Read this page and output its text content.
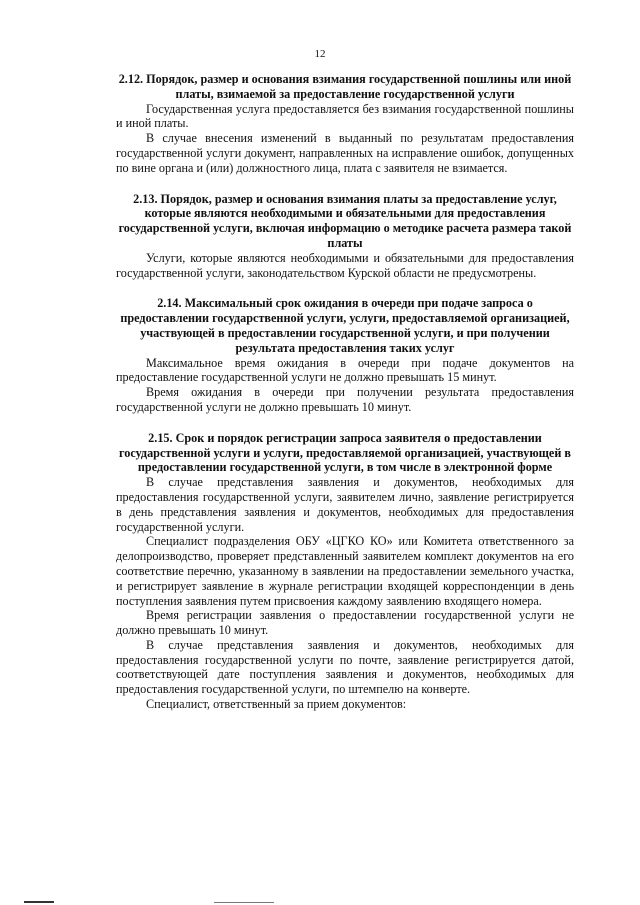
12

2.12. Порядок, размер и основания взимания государственной пошлины или иной платы, взимаемой за предоставление государственной услуги

Государственная услуга предоставляется без взимания государственной пошлины и иной платы.

В случае внесения изменений в выданный по результатам предоставления государственной услуги документ, направленных на исправление ошибок, допущенных по вине органа и (или) должностного лица, плата с заявителя не взимается.

2.13. Порядок, размер и основания взимания платы за предоставление услуг, которые являются необходимыми и обязательными для предоставления государственной услуги, включая информацию о методике расчета размера такой платы

Услуги, которые являются необходимыми и обязательными для предоставления государственной услуги, законодательством Курской области не предусмотрены.

2.14. Максимальный срок ожидания в очереди при подаче запроса о предоставлении государственной услуги, услуги, предоставляемой организацией, участвующей в предоставлении государственной услуги, и при получении результата предоставления таких услуг

Максимальное время ожидания в очереди при подаче документов на предоставление государственной услуги не должно превышать 15 минут.

Время ожидания в очереди при получении результата предоставления государственной услуги не должно превышать 10 минут.

2.15. Срок и порядок регистрации запроса заявителя о предоставлении государственной услуги и услуги, предоставляемой организацией, участвующей в предоставлении государственной услуги, в том числе в электронной форме

В случае представления заявления и документов, необходимых для предоставления государственной услуги, заявителем лично, заявление регистрируется в день представления заявления и документов, необходимых для предоставления государственной услуги.

Специалист подразделения ОБУ «ЦГКО КО» или Комитета ответственного за делопроизводство, проверяет представленный заявителем комплект документов на его соответствие перечню, указанному в заявлении на предоставлении земельного участка, и регистрирует заявление в журнале регистрации входящей корреспонденции в день поступления заявления путем присвоения каждому заявлению входящего номера.

Время регистрации заявления о предоставлении государственной услуги не должно превышать 10 минут.

В случае представления заявления и документов, необходимых для предоставления государственной услуги по почте, заявление регистрируется датой, соответствующей дате поступления заявления и документов, необходимых для предоставления государственной услуги, по штемпелю на конверте.

Специалист, ответственный за прием документов:
